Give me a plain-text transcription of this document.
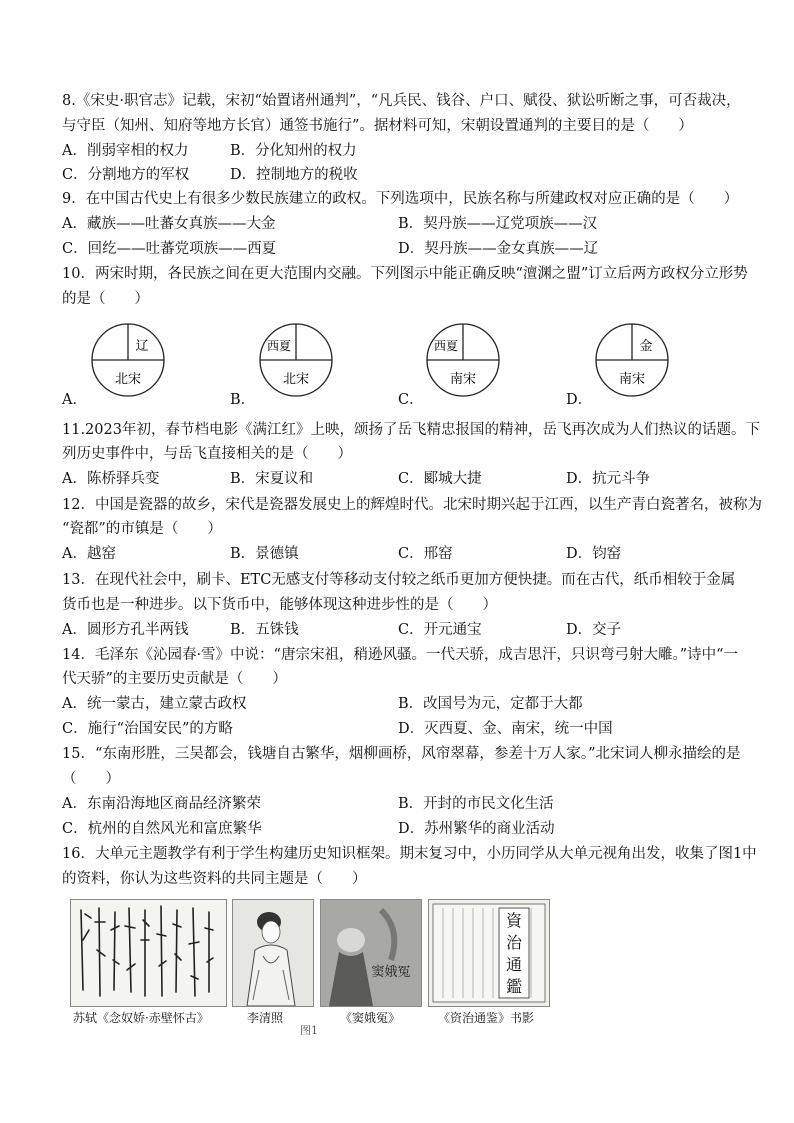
8.《宋史·职官志》记载，宋初“始置诸州通判”，“凡兵民、钱谷、户口、赋役、狱讼听断之事，可否裁决，
与守臣（知州、知府等地方长官）通签书施行”。据材料可知，宋朝设置通判的主要目的是（　　）
A．削弱宰相的权力	B．分化知州的权力
C．分割地方的军权	D．控制地方的税收
9．在中国古代史上有很多少数民族建立的政权。下列选项中，民族名称与所建政权对应正确的是（　　）
A．藏族——吐蕃女真族——大金	B．契丹族——辽党项族——汉
C．回纥——吐蕃党项族——西夏	D．契丹族——金女真族——辽
10．两宋时期，各民族之间在更大范围内交融。下列图示中能正确反映“澶渊之盟”订立后两方政权分立形势
的是（　　）
辽
北宋
西夏
北宋
西夏
南宋
金
南宋
A．	B．	C．	D．
11.2023年初，春节档电影《满江红》上映，颂扬了岳飞精忠报国的精神，岳飞再次成为人们热议的话题。下
列历史事件中，与岳飞直接相关的是（　　）
A．陈桥驿兵变	B．宋夏议和	C．郾城大捷	D．抗元斗争
12．中国是瓷器的故乡，宋代是瓷器发展史上的辉煌时代。北宋时期兴起于江西，以生产青白瓷著名，被称为
“瓷都”的市镇是（　　）
A．越窑	B．景德镇	C．邢窑	D．钧窑
13．在现代社会中，刷卡、ETC无感支付等移动支付较之纸币更加方便快捷。而在古代，纸币相较于金属
货币也是一种进步。以下货币中，能够体现这种进步性的是（　　）
A．圆形方孔半两钱	B．五铢钱	C．开元通宝	D．交子
14．毛泽东《沁园春·雪》中说：“唐宗宋祖，稍逊风骚。一代天骄，成吉思汗，只识弯弓射大雕。”诗中“一
代天骄”的主要历史贡献是（　　）
A．统一蒙古，建立蒙古政权	B．改国号为元，定都于大都
C．施行“治国安民”的方略	D．灭西夏、金、南宋，统一中国
15．“东南形胜，三吴都会，钱塘自古繁华，烟柳画桥，风帘翠幕，参差十万人家。”北宋词人柳永描绘的是
（　　）
A．东南沿海地区商品经济繁荣	B．开封的市民文化生活
C．杭州的自然风光和富庶繁华	D．苏州繁华的商业活动
16．大单元主题教学有利于学生构建历史知识框架。期末复习中，小历同学从大单元视角出发，收集了图1中
的资料，你认为这些资料的共同主题是（　　）
窦娥冤
資
治
通
鑑
苏轼《念奴娇·赤壁怀古》	李清照	《窦娥冤》	《资治通鉴》书影
图1
